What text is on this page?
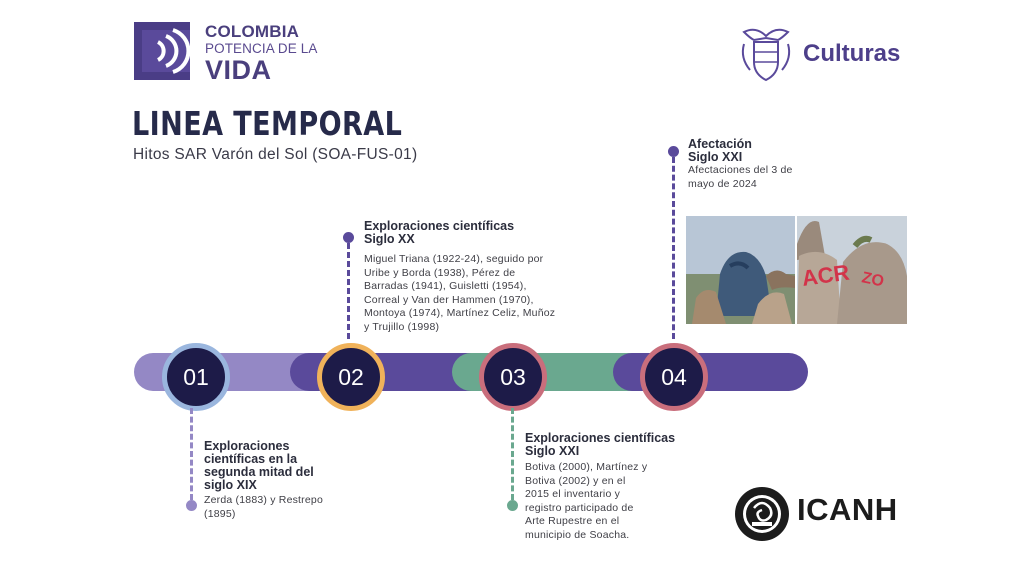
COLOMBIA
POTENCIA DE LA
VIDA
Culturas
LINEA TEMPORAL
Hitos SAR Varón del Sol (SOA-FUS-01)
01	02	03	04
Exploraciones científicas en la segunda mitad del siglo XIX
Zerda (1883) y Restrepo (1895)
Exploraciones científicas Siglo XX
Miguel Triana (1922-24), seguido por Uribe y Borda (1938), Pérez de Barradas (1941), Guisletti (1954), Correal y Van der Hammen (1970), Montoya (1974), Martínez Celiz, Muñoz y Trujillo (1998)
Exploraciones científicas Siglo XXI
Botiva (2000), Martínez y Botiva (2002) y en el 2015 el inventario y registro participado de Arte Rupestre en el municipio de Soacha.
Afectación Siglo XXI
Afectaciones del 3 de mayo de 2024
ACR ZO
ICANH
